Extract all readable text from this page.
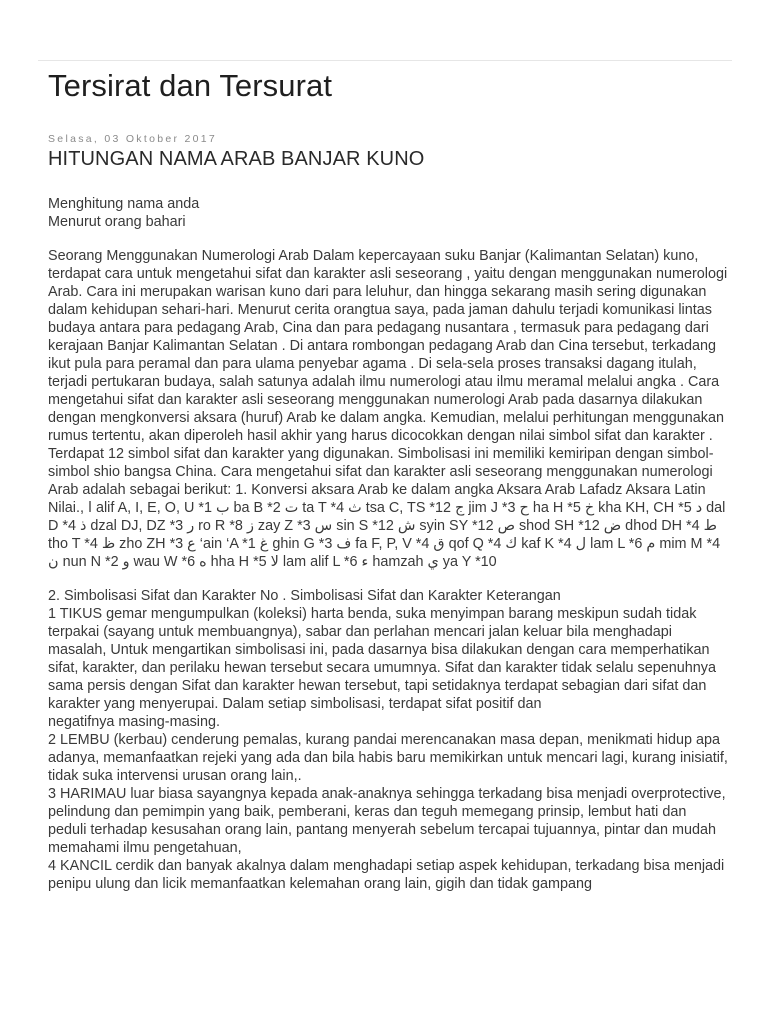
Tersirat dan Tersurat
Selasa, 03 Oktober 2017
HITUNGAN NAMA ARAB BANJAR KUNO

Menghitung nama anda

Menurut orang bahari

Seorang Menggunakan Numerologi Arab Dalam kepercayaan suku Banjar (Kalimantan Selatan) kuno, terdapat cara untuk mengetahui sifat dan karakter asli seseorang , yaitu dengan menggunakan numerologi Arab. Cara ini merupakan warisan kuno dari para leluhur, dan hingga sekarang masih sering digunakan dalam kehidupan sehari-hari. Menurut cerita orangtua saya, pada jaman dahulu terjadi komunikasi lintas budaya antara para pedagang Arab, Cina dan para pedagang nusantara , termasuk para pedagang dari kerajaan Banjar Kalimantan Selatan . Di antara rombongan pedagang Arab dan Cina tersebut, terkadang ikut pula para peramal dan para ulama penyebar agama . Di sela-sela proses transaksi dagang itulah, terjadi pertukaran budaya, salah satunya adalah ilmu numerologi atau ilmu meramal melalui angka . Cara mengetahui sifat dan karakter asli seseorang menggunakan numerologi Arab pada dasarnya dilakukan dengan mengkonversi aksara (huruf) Arab ke dalam angka. Kemudian, melalui perhitungan menggunakan rumus tertentu, akan diperoleh hasil akhir yang harus dicocokkan dengan nilai simbol sifat dan karakter . Terdapat 12 simbol sifat dan karakter yang digunakan. Simbolisasi ini memiliki kemiripan dengan simbol-simbol shio bangsa China. Cara mengetahui sifat dan karakter asli seseorang menggunakan numerologi Arab adalah sebagai berikut: 1. Konversi aksara Arab ke dalam angka Aksara Arab Lafadz Aksara Latin Nilai., ا alif A, I, E, O, U *1 ب ba B *2 ت ta T *4 ث tsa C, TS *12 ج jim J *3 ح ha H *5 خ kha KH, CH *5 د dal D *4 ذ dzal DJ, DZ *3 ر ro R *8 ز zay Z *3 س sin S *12 ش syin SY *12 ص shod SH *12 ض dhod DH *4 ط tho T *4 ظ zho ZH *3 ع ‘ain ‘A *1 غ ghin G *3 ف fa F, P, V *4 ق qof Q *4 ك kaf K *4 ل lam L *6 م mim M *4 ن nun N *2 و wau W *6 ه hha H *5 لا lam alif L *6 ء hamzah ي ya Y *10

2. Simbolisasi Sifat dan Karakter No . Simbolisasi Sifat dan Karakter Keterangan

1 TIKUS gemar mengumpulkan (koleksi) harta benda, suka menyimpan barang meskipun sudah tidak terpakai (sayang untuk membuangnya), sabar dan perlahan mencari jalan keluar bila menghadapi masalah, Untuk mengartikan simbolisasi ini, pada dasarnya bisa dilakukan dengan cara memperhatikan sifat, karakter, dan perilaku hewan tersebut secara umumnya. Sifat dan karakter tidak selalu sepenuhnya sama persis dengan Sifat dan karakter hewan tersebut, tapi setidaknya terdapat sebagian dari sifat dan karakter yang menyerupai. Dalam setiap simbolisasi, terdapat sifat positif dan

negatifnya masing-masing.

2 LEMBU (kerbau) cenderung pemalas, kurang pandai merencanakan masa depan, menikmati hidup apa adanya, memanfaatkan rejeki yang ada dan bila habis baru memikirkan untuk mencari lagi, kurang inisiatif, tidak suka intervensi urusan orang lain,.

3 HARIMAU luar biasa sayangnya kepada anak-anaknya sehingga terkadang bisa menjadi overprotective,

pelindung dan pemimpin yang baik, pemberani, keras dan teguh memegang prinsip, lembut hati dan peduli terhadap kesusahan orang lain, pantang menyerah sebelum tercapai tujuannya, pintar dan mudah memahami ilmu pengetahuan,

4 KANCIL cerdik dan banyak akalnya dalam menghadapi setiap aspek kehidupan, terkadang bisa menjadi penipu ulung dan licik memanfaatkan kelemahan orang lain, gigih dan tidak gampang
